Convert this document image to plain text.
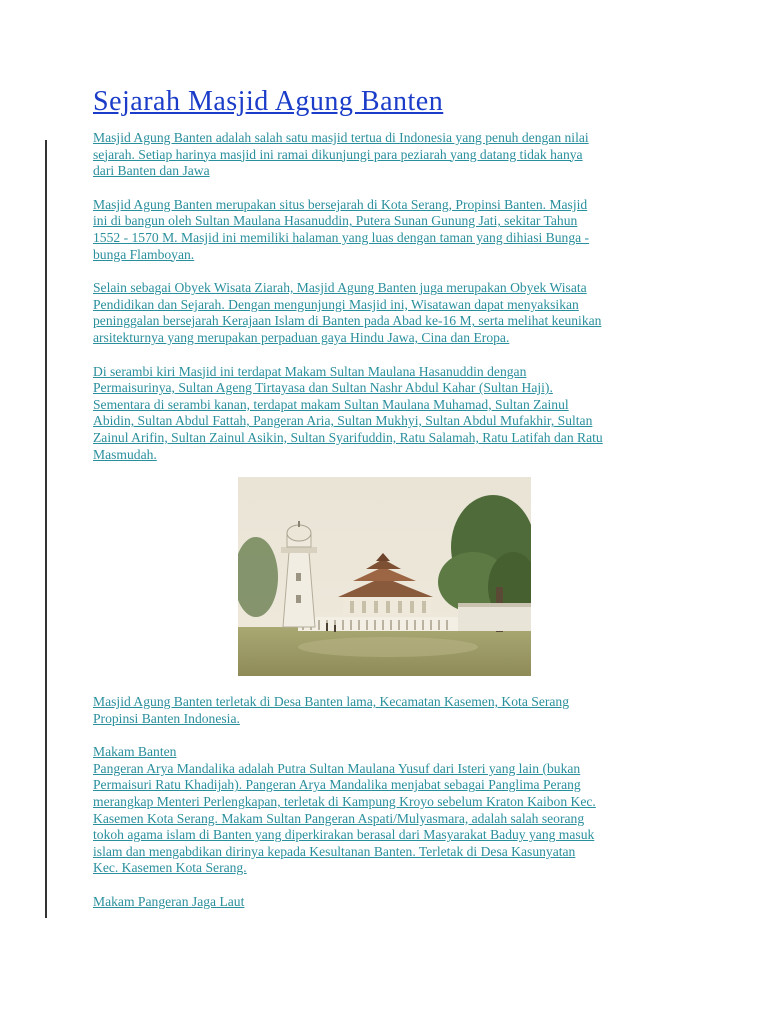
Sejarah Masjid Agung Banten

Masjid Agung Banten adalah salah satu masjid tertua di Indonesia yang penuh dengan nilai
sejarah. Setiap harinya masjid ini ramai dikunjungi para peziarah yang datang tidak hanya
dari Banten dan Jawa

Masjid Agung Banten merupakan situs bersejarah di Kota Serang, Propinsi Banten. Masjid
ini di bangun oleh Sultan Maulana Hasanuddin, Putera Sunan Gunung Jati, sekitar Tahun
1552 - 1570 M. Masjid ini memiliki halaman yang luas dengan taman yang dihiasi Bunga -
bunga Flamboyan.

Selain sebagai Obyek Wisata Ziarah, Masjid Agung Banten juga merupakan Obyek Wisata
Pendidikan dan Sejarah. Dengan mengunjungi Masjid ini, Wisatawan dapat menyaksikan
peninggalan bersejarah Kerajaan Islam di Banten pada Abad ke-16 M, serta melihat keunikan
arsitekturnya yang merupakan perpaduan gaya Hindu Jawa, Cina dan Eropa.

Di serambi kiri Masjid ini terdapat Makam Sultan Maulana Hasanuddin dengan
Permaisurinya, Sultan Ageng Tirtayasa dan Sultan Nashr Abdul Kahar (Sultan Haji).
Sementara di serambi kanan, terdapat makam Sultan Maulana Muhamad, Sultan Zainul
Abidin, Sultan Abdul Fattah, Pangeran Aria, Sultan Mukhyi, Sultan Abdul Mufakhir, Sultan
Zainul Arifin, Sultan Zainul Asikin, Sultan Syarifuddin, Ratu Salamah, Ratu Latifah dan Ratu
Masmudah.

Masjid Agung Banten terletak di Desa Banten lama, Kecamatan Kasemen, Kota Serang
Propinsi Banten Indonesia.

Makam Banten
Pangeran Arya Mandalika adalah Putra Sultan Maulana Yusuf dari Isteri yang lain (bukan
Permaisuri Ratu Khadijah). Pangeran Arya Mandalika menjabat sebagai Panglima Perang
merangkap Menteri Perlengkapan, terletak di Kampung Kroyo sebelum Kraton Kaibon Kec.
Kasemen Kota Serang. Makam Sultan Pangeran Aspati/Mulyasmara, adalah salah seorang
tokoh agama islam di Banten yang diperkirakan berasal dari Masyarakat Baduy yang masuk
islam dan mengabdikan dirinya kepada Kesultanan Banten. Terletak di Desa Kasunyatan
Kec. Kasemen Kota Serang.

Makam Pangeran Jaga Laut
